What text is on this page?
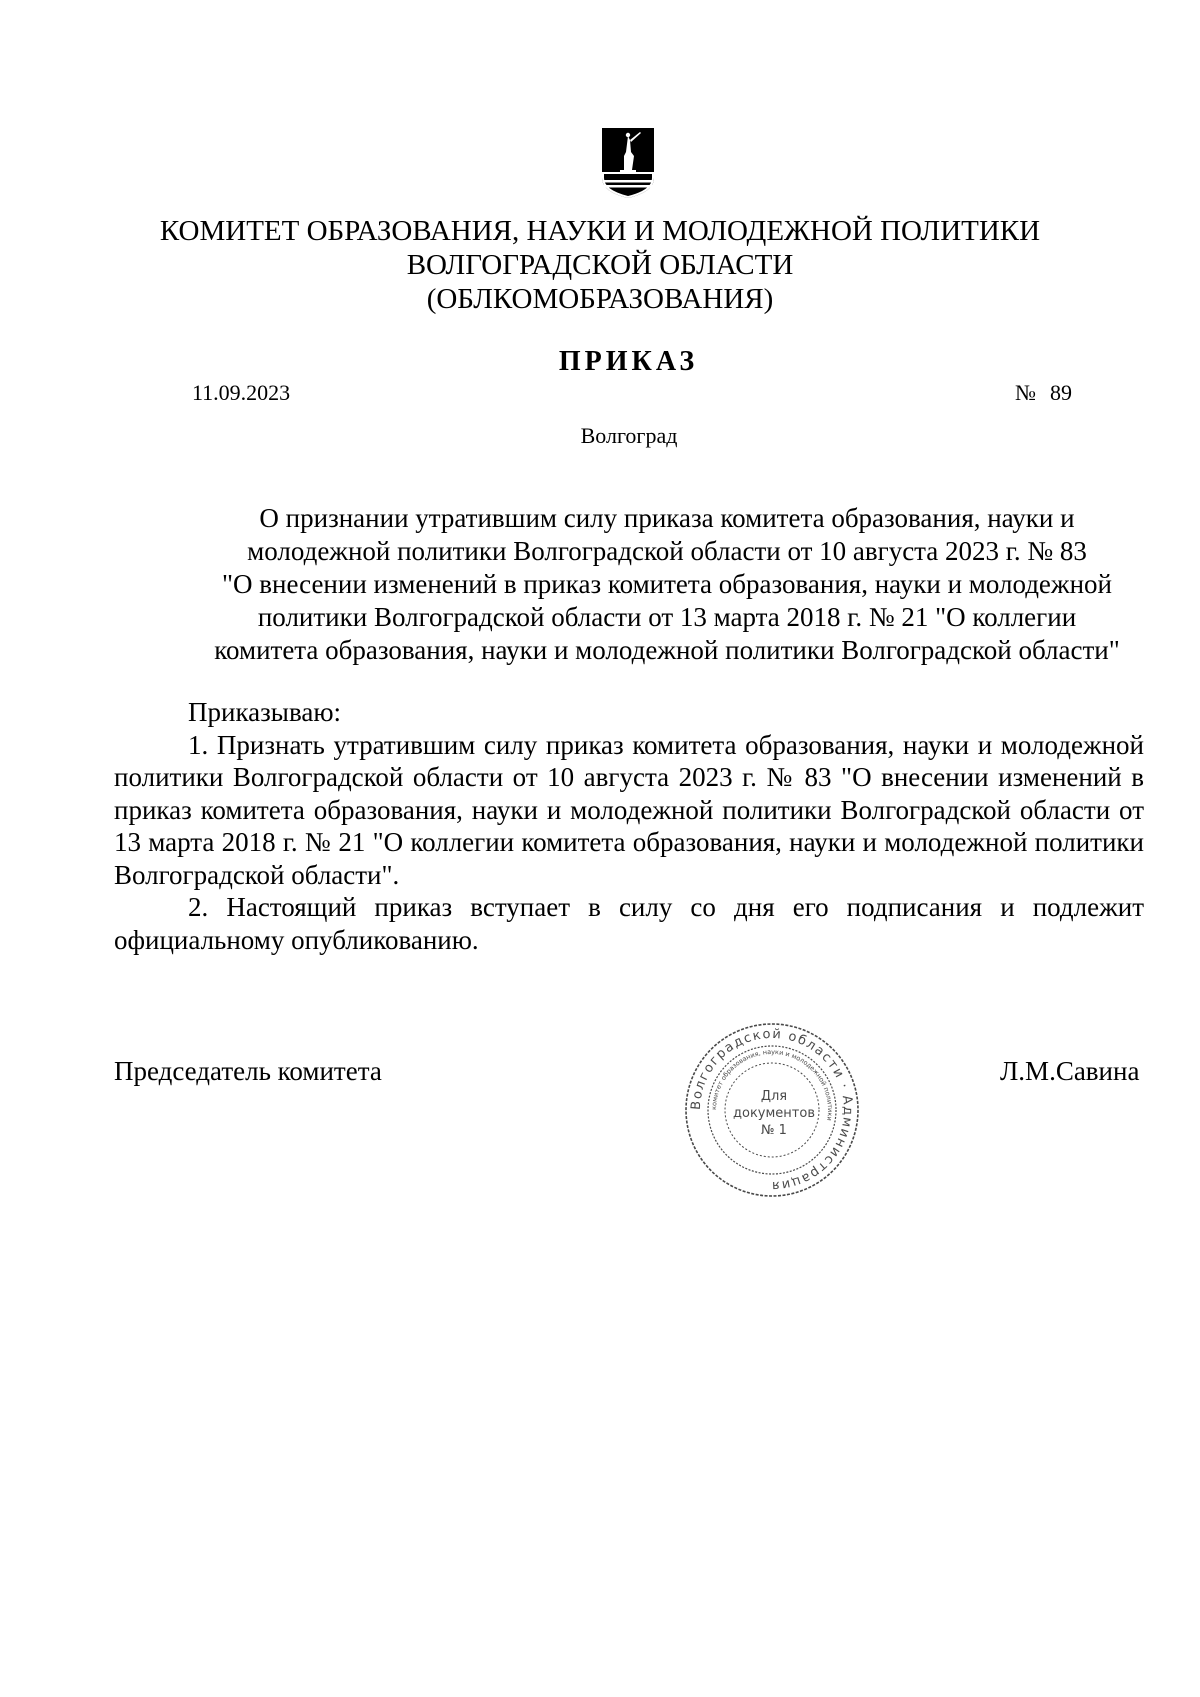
КОМИТЕТ ОБРАЗОВАНИЯ, НАУКИ И МОЛОДЕЖНОЙ ПОЛИТИКИ
ВОЛГОГРАДСКОЙ ОБЛАСТИ
(ОБЛКОМОБРАЗОВАНИЯ)
ПРИКАЗ
11.09.2023	№ 89
Волгоград
О признании утратившим силу приказа комитета образования, науки и
молодежной политики Волгоградской области от 10 августа 2023 г. № 83
"О внесении изменений в приказ комитета образования, науки и молодежной
политики Волгоградской области от 13 марта 2018 г. № 21 "О коллегии
комитета образования, науки и молодежной политики Волгоградской области"

Приказываю:

1. Признать утратившим силу приказ комитета образования, науки и молодежной политики Волгоградской области от 10 августа 2023 г. № 83 "О внесении изменений в приказ комитета образования, науки и молодежной политики Волгоградской области от 13 марта 2018 г. № 21 "О коллегии комитета образования, науки и молодежной политики Волгоградской области".

2. Настоящий приказ вступает в силу со дня его подписания и подлежит официальному опубликованию.

Председатель комитета	Л.М.Савина
Волгоградской области · Администрация
комитет образования, науки и молодежной политики
Для
документов
№ 1
